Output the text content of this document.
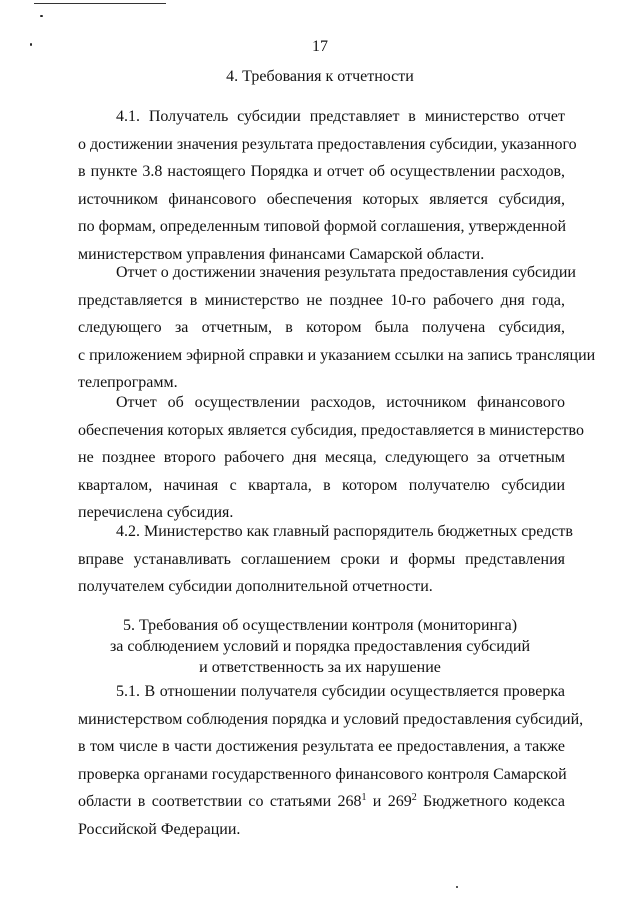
17
4. Требования к отчетности
4.1. Получатель субсидии представляет в министерство отчет
о достижении значения результата предоставления субсидии, указанного
в пункте 3.8 настоящего Порядка и отчет об осуществлении расходов,
источником финансового обеспечения которых является субсидия,
по формам, определенным типовой формой соглашения, утвержденной
министерством управления финансами Самарской области.
Отчет о достижении значения результата предоставления субсидии
представляется в министерство не позднее 10-го рабочего дня года,
следующего за отчетным, в котором была получена субсидия,
с приложением эфирной справки и указанием ссылки на запись трансляции
телепрограмм.
Отчет об осуществлении расходов, источником финансового
обеспечения которых является субсидия, предоставляется в министерство
не позднее второго рабочего дня месяца, следующего за отчетным
кварталом, начиная с квартала, в котором получателю субсидии
перечислена субсидия.
4.2. Министерство как главный распорядитель бюджетных средств
вправе устанавливать соглашением сроки и формы представления
получателем субсидии дополнительной отчетности.
5. Требования об осуществлении контроля (мониторинга)
за соблюдением условий и порядка предоставления субсидий
и ответственность за их нарушение
5.1. В отношении получателя субсидии осуществляется проверка
министерством соблюдения порядка и условий предоставления субсидий,
в том числе в части достижения результата ее предоставления, а также
проверка органами государственного финансового контроля Самарской
области в соответствии со статьями $268^1$ и $269^2$ Бюджетного кодекса
Российской Федерации.
